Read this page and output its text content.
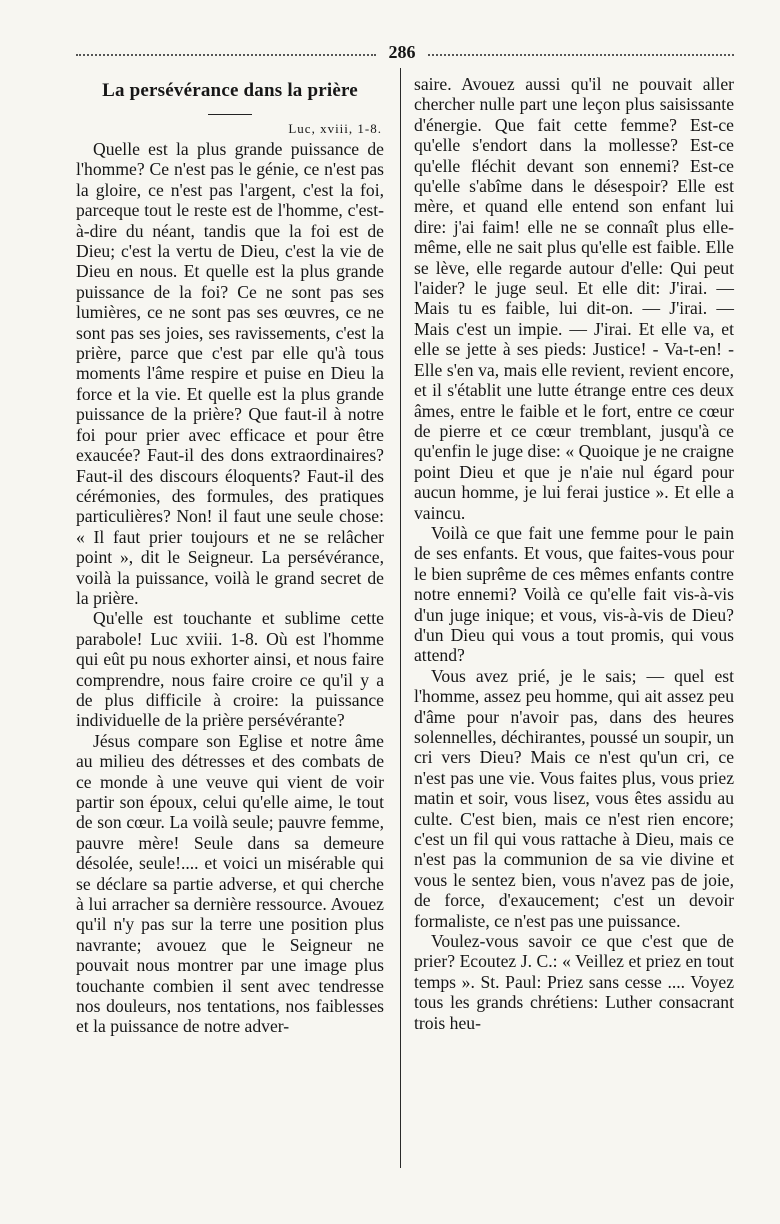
286
La persévérance dans la prière
Luc, xviii, 1-8.

Quelle est la plus grande puissance de l'homme? Ce n'est pas le génie, ce n'est pas la gloire, ce n'est pas l'argent, c'est la foi, parceque tout le reste est de l'homme, c'est-à-dire du néant, tandis que la foi est de Dieu; c'est la vertu de Dieu, c'est la vie de Dieu en nous. Et quelle est la plus grande puissance de la foi? Ce ne sont pas ses lumières, ce ne sont pas ses œuvres, ce ne sont pas ses joies, ses ravissements, c'est la prière, parce que c'est par elle qu'à tous moments l'âme respire et puise en Dieu la force et la vie. Et quelle est la plus grande puissance de la prière? Que faut-il à notre foi pour prier avec efficace et pour être exaucée? Faut-il des dons extraordinaires? Faut-il des discours éloquents? Faut-il des cérémonies, des formules, des pratiques particulières? Non! il faut une seule chose: « Il faut prier toujours et ne se relâcher point », dit le Seigneur. La persévérance, voilà la puissance, voilà le grand secret de la prière.

Qu'elle est touchante et sublime cette parabole! Luc xviii. 1-8. Où est l'homme qui eût pu nous exhorter ainsi, et nous faire comprendre, nous faire croire ce qu'il y a de plus difficile à croire: la puissance individuelle de la prière persévérante?

Jésus compare son Eglise et notre âme au milieu des détresses et des combats de ce monde à une veuve qui vient de voir partir son époux, celui qu'elle aime, le tout de son cœur. La voilà seule; pauvre femme, pauvre mère! Seule dans sa demeure désolée, seule!.... et voici un misérable qui se déclare sa partie adverse, et qui cherche à lui arracher sa dernière ressource. Avouez qu'il n'y pas sur la terre une position plus navrante; avouez que le Seigneur ne pouvait nous montrer par une image plus touchante combien il sent avec tendresse nos douleurs, nos tentations, nos faiblesses et la puissance de notre adver-

saire. Avouez aussi qu'il ne pouvait aller chercher nulle part une leçon plus saisissante d'énergie. Que fait cette femme? Est-ce qu'elle s'endort dans la mollesse? Est-ce qu'elle fléchit devant son ennemi? Est-ce qu'elle s'abîme dans le désespoir? Elle est mère, et quand elle entend son enfant lui dire: j'ai faim! elle ne se connaît plus elle-même, elle ne sait plus qu'elle est faible. Elle se lève, elle regarde autour d'elle: Qui peut l'aider? le juge seul. Et elle dit: J'irai. — Mais tu es faible, lui dit-on. — J'irai. — Mais c'est un impie. — J'irai. Et elle va, et elle se jette à ses pieds: Justice! - Va-t-en! - Elle s'en va, mais elle revient, revient encore, et il s'établit une lutte étrange entre ces deux âmes, entre le faible et le fort, entre ce cœur de pierre et ce cœur tremblant, jusqu'à ce qu'enfin le juge dise: « Quoique je ne craigne point Dieu et que je n'aie nul égard pour aucun homme, je lui ferai justice ». Et elle a vaincu.

Voilà ce que fait une femme pour le pain de ses enfants. Et vous, que faites-vous pour le bien suprême de ces mêmes enfants contre notre ennemi? Voilà ce qu'elle fait vis-à-vis d'un juge inique; et vous, vis-à-vis de Dieu? d'un Dieu qui vous a tout promis, qui vous attend?

Vous avez prié, je le sais; — quel est l'homme, assez peu homme, qui ait assez peu d'âme pour n'avoir pas, dans des heures solennelles, déchirantes, poussé un soupir, un cri vers Dieu? Mais ce n'est qu'un cri, ce n'est pas une vie. Vous faites plus, vous priez matin et soir, vous lisez, vous êtes assidu au culte. C'est bien, mais ce n'est rien encore; c'est un fil qui vous rattache à Dieu, mais ce n'est pas la communion de sa vie divine et vous le sentez bien, vous n'avez pas de joie, de force, d'exaucement; c'est un devoir formaliste, ce n'est pas une puissance.

Voulez-vous savoir ce que c'est que de prier? Ecoutez J. C.: « Veillez et priez en tout temps ». St. Paul: Priez sans cesse .... Voyez tous les grands chrétiens: Luther consacrant trois heu-
